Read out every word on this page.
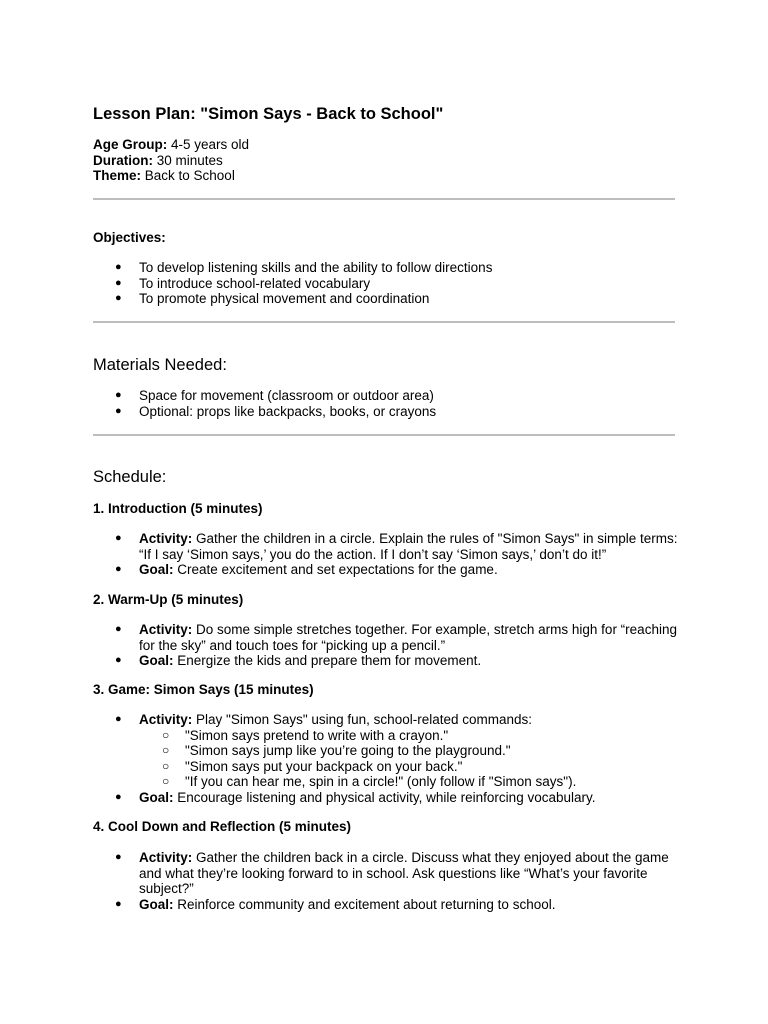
Lesson Plan: "Simon Says - Back to School"
Age Group: 4-5 years old
Duration: 30 minutes
Theme: Back to School
Objectives:
● To develop listening skills and the ability to follow directions
● To introduce school-related vocabulary
● To promote physical movement and coordination
Materials Needed:
● Space for movement (classroom or outdoor area)
● Optional: props like backpacks, books, or crayons
Schedule:
1. Introduction (5 minutes)
● Activity: Gather the children in a circle. Explain the rules of "Simon Says" in simple terms: “If I say ‘Simon says,’ you do the action. If I don’t say ‘Simon says,’ don’t do it!”
● Goal: Create excitement and set expectations for the game.
2. Warm-Up (5 minutes)
● Activity: Do some simple stretches together. For example, stretch arms high for “reaching for the sky” and touch toes for “picking up a pencil.”
● Goal: Energize the kids and prepare them for movement.
3. Game: Simon Says (15 minutes)
● Activity: Play "Simon Says" using fun, school-related commands:
○ "Simon says pretend to write with a crayon."
○ "Simon says jump like you’re going to the playground."
○ "Simon says put your backpack on your back."
○ "If you can hear me, spin in a circle!" (only follow if "Simon says").
● Goal: Encourage listening and physical activity, while reinforcing vocabulary.
4. Cool Down and Reflection (5 minutes)
● Activity: Gather the children back in a circle. Discuss what they enjoyed about the game and what they’re looking forward to in school. Ask questions like “What’s your favorite subject?”
● Goal: Reinforce community and excitement about returning to school.
